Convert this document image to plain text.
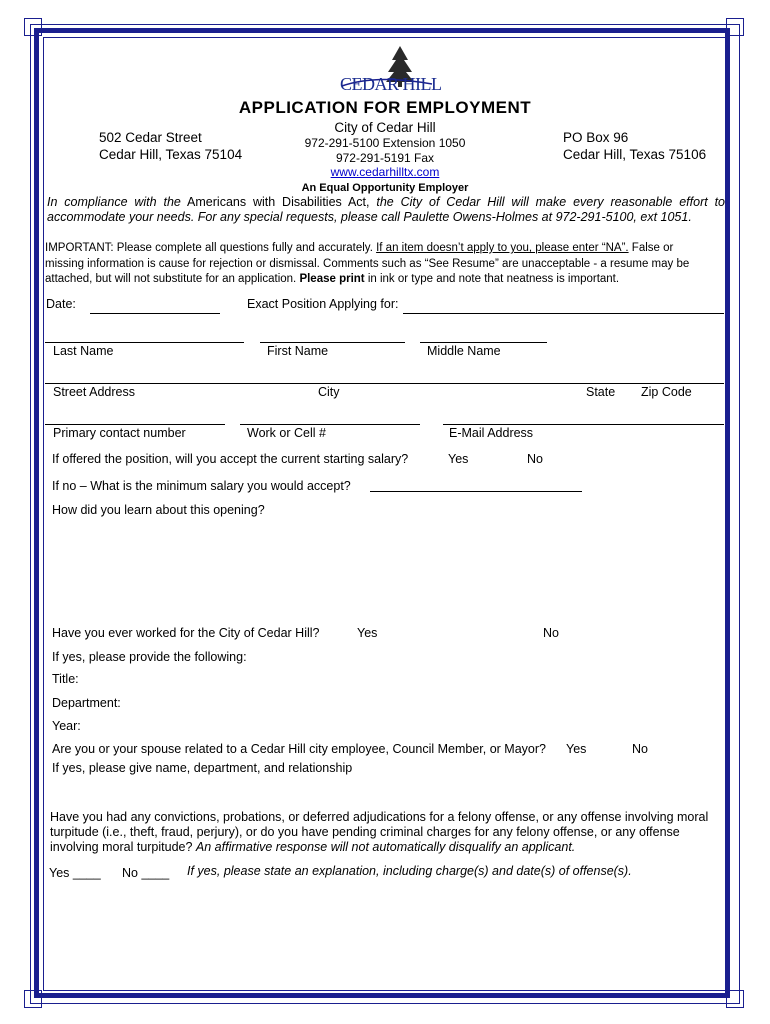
CEDAR HILL
APPLICATION FOR EMPLOYMENT
City of Cedar Hill
972-291-5100 Extension 1050
972-291-5191 Fax
www.cedarhilltx.com
502 Cedar Street
Cedar Hill, Texas 75104
PO Box 96
Cedar Hill, Texas 75106
An Equal Opportunity Employer
In compliance with the Americans with Disabilities Act, the City of Cedar Hill will make every reasonable effort to
accommodate your needs. For any special requests, please call Paulette Owens-Holmes at 972-291-5100, ext 1051.
IMPORTANT: Please complete all questions fully and accurately. If an item doesn’t apply to you, please enter “NA”. False or
missing information is cause for rejection or dismissal. Comments such as “See Resume” are unacceptable - a resume may be
attached, but will not substitute for an application. Please print in ink or type and note that neatness is important.
Date:	Exact Position Applying for:
Last Name	First Name	Middle Name
Street Address	City	State Zip Code
Primary contact number	Work or Cell #	E-Mail Address
If offered the position, will you accept the current starting salary?	Yes	No
If no – What is the minimum salary you would accept?
How did you learn about this opening?
Have you ever worked for the City of Cedar Hill?	Yes	No
If yes, please provide the following:
Title:
Department:
Year:
Are you or your spouse related to a Cedar Hill city employee, Council Member, or Mayor? Yes	No
If yes, please give name, department, and relationship
Have you had any convictions, probations, or deferred adjudications for a felony offense, or any offense involving moral
turpitude (i.e., theft, fraud, perjury), or do you have pending criminal charges for any felony offense, or any offense
involving moral turpitude? An affirmative response will not automatically disqualify an applicant.
Yes ____ No ____ If yes, please state an explanation, including charge(s) and date(s) of offense(s).
